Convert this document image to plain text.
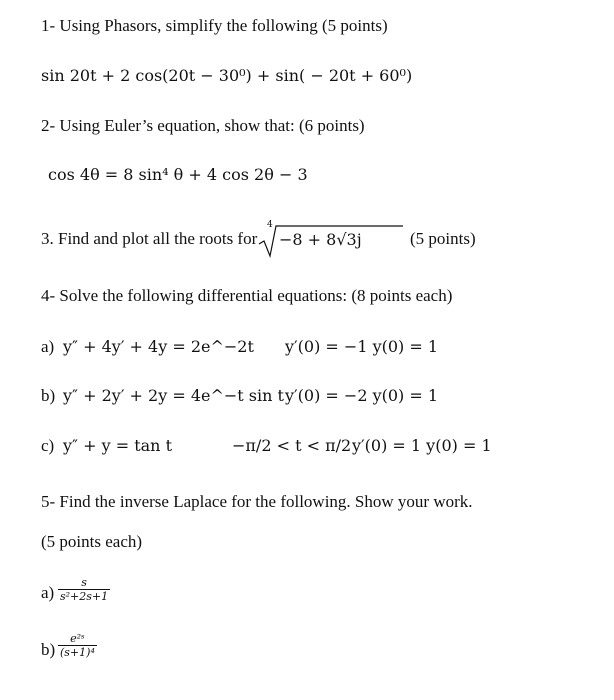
1- Using Phasors, simplify the following (5 points)
sin 20t + 2 cos(20t − 30⁰) + sin( − 20t + 60⁰)
2- Using Euler’s equation, show that: (6 points)
cos 4θ = 8 sin⁴ θ + 4 cos 2θ − 3
3. Find and plot all the roots for
4
−8 + 8√3j	(5 points)
4- Solve the following differential equations: (8 points each)
a) y″ + 4y′ + 4y = 2e^−2t y′(0) = −1 y(0) = 1
b) y″ + 2y′ + 2y = 4e^−t sin t y′(0) = −2 y(0) = 1
c) y″ + y = tan t	−π/2 < t < π/2 y′(0) = 1 y(0) = 1
5- Find the inverse Laplace for the following. Show your work.
(5 points each)
$a) \frac{s}{\text{s²+2s+1}}$
$b) \frac{\text{e²ˢ}}{\text{(s+1)⁴}}$
